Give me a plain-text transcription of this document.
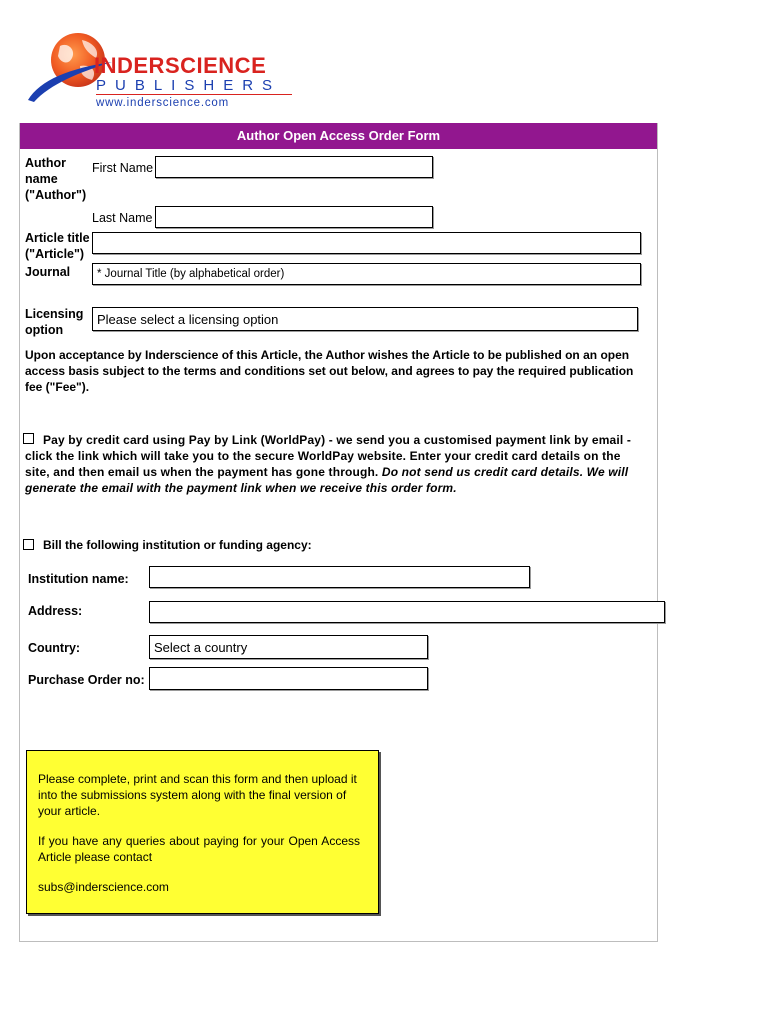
INDERSCIENCE
PUBLISHERS
www.inderscience.com
Author Open Access Order Form
Author
name
("Author")
First Name
Last Name
Article title
("Article")
Journal	* Journal Title (by alphabetical order)
Licensing
option
Please select a licensing option
Upon acceptance by Inderscience of this Article, the Author wishes the Article to be published on an open access basis subject to the terms and conditions set out below, and agrees to pay the required publication fee ("Fee").
Pay by credit card using Pay by Link (WorldPay) - we send you a customised payment link by email - click the link which will take you to the secure WorldPay website. Enter your credit card details on the site, and then email us when the payment has gone through. Do not send us credit card details. We will generate the email with the payment link when we receive this order form.
Bill the following institution or funding agency:
Institution name:
Address:
Country:	Select a country
Purchase Order no:
Please complete, print and scan this form and then upload it into the submissions system along with the final version of your article.
If you have any queries about paying for your Open Access Article please contact
subs@inderscience.com
